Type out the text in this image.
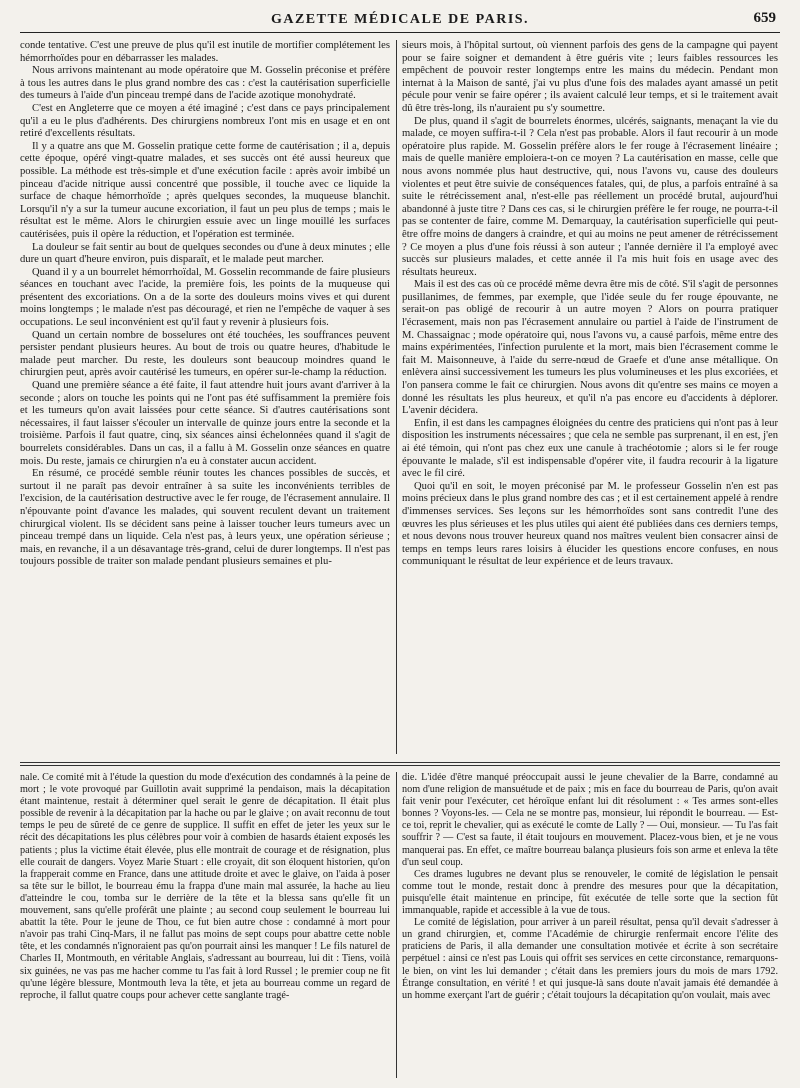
GAZETTE MÉDICALE DE PARIS.	659

conde tentative. C'est une preuve de plus qu'il est inutile de mortifier complétement les hémorrhoïdes pour en débarrasser les malades.

Nous arrivons maintenant au mode opératoire que M. Gosselin préconise et préfère à tous les autres dans le plus grand nombre des cas : c'est la cautérisation superficielle des tumeurs à l'aide d'un pinceau trempé dans de l'acide azotique monohydraté.

C'est en Angleterre que ce moyen a été imaginé ; c'est dans ce pays principalement qu'il a eu le plus d'adhérents. Des chirurgiens nombreux l'ont mis en usage et en ont retiré d'excellents résultats.

Il y a quatre ans que M. Gosselin pratique cette forme de cautérisation ; il a, depuis cette époque, opéré vingt-quatre malades, et ses succès ont été aussi heureux que possible. La méthode est très-simple et d'une exécution facile : après avoir imbibé un pinceau d'acide nitrique aussi concentré que possible, il touche avec ce liquide la surface de chaque hémorrhoïde ; après quelques secondes, la muqueuse blanchit. Lorsqu'il n'y a sur la tumeur aucune excoriation, il faut un peu plus de temps ; mais le résultat est le même. Alors le chirurgien essuie avec un linge mouillé les surfaces cautérisées, puis il opère la réduction, et l'opération est terminée.

La douleur se fait sentir au bout de quelques secondes ou d'une à deux minutes ; elle dure un quart d'heure environ, puis disparaît, et le malade peut marcher.

Quand il y a un bourrelet hémorrhoïdal, M. Gosselin recommande de faire plusieurs séances en touchant avec l'acide, la première fois, les points de la muqueuse qui présentent des excoriations. On a de la sorte des douleurs moins vives et qui durent moins longtemps ; le malade n'est pas découragé, et rien ne l'empêche de vaquer à ses occupations. Le seul inconvénient est qu'il faut y revenir à plusieurs fois.

Quand un certain nombre de bosselures ont été touchées, les souffrances peuvent persister pendant plusieurs heures. Au bout de trois ou quatre heures, d'habitude le malade peut marcher. Du reste, les douleurs sont beaucoup moindres quand le chirurgien peut, après avoir cautérisé les tumeurs, en opérer sur-le-champ la réduction.

Quand une première séance a été faite, il faut attendre huit jours avant d'arriver à la seconde ; alors on touche les points qui ne l'ont pas été suffisamment la première fois et les tumeurs qu'on avait laissées pour cette séance. Si d'autres cautérisations sont nécessaires, il faut laisser s'écouler un intervalle de quinze jours entre la seconde et la troisième. Parfois il faut quatre, cinq, six séances ainsi échelonnées quand il s'agit de bourrelets considérables. Dans un cas, il a fallu à M. Gosselin onze séances en quatre mois. Du reste, jamais ce chirurgien n'a eu à constater aucun accident.

En résumé, ce procédé semble réunir toutes les chances possibles de succès, et surtout il ne paraît pas devoir entraîner à sa suite les inconvénients terribles de l'excision, de la cautérisation destructive avec le fer rouge, de l'écrasement annulaire. Il n'épouvante point d'avance les malades, qui souvent reculent devant un traitement chirurgical violent. Ils se décident sans peine à laisser toucher leurs tumeurs avec un pinceau trempé dans un liquide. Cela n'est pas, à leurs yeux, une opération sérieuse ; mais, en revanche, il a un désavantage très-grand, celui de durer longtemps. Il n'est pas toujours possible de traiter son malade pendant plusieurs semaines et plu-

sieurs mois, à l'hôpital surtout, où viennent parfois des gens de la campagne qui payent pour se faire soigner et demandent à être guéris vite ; leurs faibles ressources les empêchent de pouvoir rester longtemps entre les mains du médecin. Pendant mon internat à la Maison de santé, j'ai vu plus d'une fois des malades ayant amassé un petit pécule pour venir se faire opérer ; ils avaient calculé leur temps, et si le traitement avait dû être très-long, ils n'auraient pu s'y soumettre.

De plus, quand il s'agit de bourrelets énormes, ulcérés, saignants, menaçant la vie du malade, ce moyen suffira-t-il ? Cela n'est pas probable. Alors il faut recourir à un mode opératoire plus rapide. M. Gosselin préfère alors le fer rouge à l'écrasement linéaire ; mais de quelle manière emploiera-t-on ce moyen ? La cautérisation en masse, celle que nous avons nommée plus haut destructive, qui, nous l'avons vu, cause des douleurs violentes et peut être suivie de conséquences fatales, qui, de plus, a parfois entraîné à sa suite le rétrécissement anal, n'est-elle pas réellement un procédé brutal, aujourd'hui abandonné à juste titre ? Dans ces cas, si le chirurgien préfère le fer rouge, ne pourra-t-il pas se contenter de faire, comme M. Demarquay, la cautérisation superficielle qui peut-être offre moins de dangers à craindre, et qui au moins ne peut amener de rétrécissement ? Ce moyen a plus d'une fois réussi à son auteur ; l'année dernière il l'a employé avec succès sur plusieurs malades, et cette année il l'a mis huit fois en usage avec des résultats heureux.

Mais il est des cas où ce procédé même devra être mis de côté. S'il s'agit de personnes pusillanimes, de femmes, par exemple, que l'idée seule du fer rouge épouvante, ne serait-on pas obligé de recourir à un autre moyen ? Alors on pourra pratiquer l'écrasement, mais non pas l'écrasement annulaire ou partiel à l'aide de l'instrument de M. Chassaignac ; mode opératoire qui, nous l'avons vu, a causé parfois, même entre des mains expérimentées, l'infection purulente et la mort, mais bien l'écrasement comme le fait M. Maisonneuve, à l'aide du serre-nœud de Graefe et d'une anse métallique. On enlèvera ainsi successivement les tumeurs les plus volumineuses et les plus excoriées, et l'on pansera comme le fait ce chirurgien. Nous avons dit qu'entre ses mains ce moyen a donné les résultats les plus heureux, et qu'il n'a pas encore eu d'accidents à déplorer. L'avenir décidera.

Enfin, il est dans les campagnes éloignées du centre des praticiens qui n'ont pas à leur disposition les instruments nécessaires ; que cela ne semble pas surprenant, il en est, j'en ai été témoin, qui n'ont pas chez eux une canule à trachéotomie ; alors si le fer rouge épouvante le malade, s'il est indispensable d'opérer vite, il faudra recourir à la ligature avec le fil ciré.

Quoi qu'il en soit, le moyen préconisé par M. le professeur Gosselin n'en est pas moins précieux dans le plus grand nombre des cas ; et il est certainement appelé à rendre d'immenses services. Ses leçons sur les hémorrhoïdes sont sans contredit l'une des œuvres les plus sérieuses et les plus utiles qui aient été publiées dans ces derniers temps, et nous devons nous trouver heureux quand nos maîtres veulent bien consacrer ainsi de temps en temps leurs rares loisirs à élucider les questions encore confuses, en nous communiquant le résultat de leur expérience et de leurs travaux.

nale. Ce comité mit à l'étude la question du mode d'exécution des condamnés à la peine de mort ; le vote provoqué par Guillotin avait supprimé la pendaison, mais la décapitation étant maintenue, restait à déterminer quel serait le genre de décapitation. Il était plus possible de revenir à la décapitation par la hache ou par le glaive ; on avait reconnu de tout temps le peu de sûreté de ce genre de supplice. Il suffit en effet de jeter les yeux sur le récit des décapitations les plus célèbres pour voir à combien de hasards étaient exposés les patients ; plus la victime était élevée, plus elle montrait de courage et de résignation, plus elle courait de dangers. Voyez Marie Stuart : elle croyait, dit son éloquent historien, qu'on la frapperait comme en France, dans une attitude droite et avec le glaive, on l'aida à poser sa tête sur le billot, le bourreau ému la frappa d'une main mal assurée, la hache au lieu d'atteindre le cou, tomba sur le derrière de la tête et la blessa sans qu'elle fit un mouvement, sans qu'elle proférât une plainte ; au second coup seulement le bourreau lui abattit la tête. Pour le jeune de Thou, ce fut bien autre chose : condamné à mort pour n'avoir pas trahi Cinq-Mars, il ne fallut pas moins de sept coups pour abattre cette noble tête, et les condamnés n'ignoraient pas qu'on pourrait ainsi les manquer ! Le fils naturel de Charles II, Montmouth, en véritable Anglais, s'adressant au bourreau, lui dit : Tiens, voilà six guinées, ne vas pas me hacher comme tu l'as fait à lord Russel ; le premier coup ne fit qu'une légère blessure, Montmouth leva la tête, et jeta au bourreau comme un regard de reproche, il fallut quatre coups pour achever cette sanglante tragé-

die. L'idée d'être manqué préoccupait aussi le jeune chevalier de la Barre, condamné au nom d'une religion de mansuétude et de paix ; mis en face du bourreau de Paris, qu'on avait fait venir pour l'exécuter, cet héroïque enfant lui dit résolument : « Tes armes sont-elles bonnes ? Voyons-les. — Cela ne se montre pas, monsieur, lui répondit le bourreau. — Est-ce toi, reprit le chevalier, qui as exécuté le comte de Lally ? — Oui, monsieur. — Tu l'as fait souffrir ? — C'est sa faute, il était toujours en mouvement. Placez-vous bien, et je ne vous manquerai pas. En effet, ce maître bourreau balança plusieurs fois son arme et enleva la tête d'un seul coup.

Ces drames lugubres ne devant plus se renouveler, le comité de législation le pensait comme tout le monde, restait donc à prendre des mesures pour que la décapitation, puisqu'elle était maintenue en principe, fût exécutée de telle sorte que la section fût immanquable, rapide et accessible à la vue de tous.

Le comité de législation, pour arriver à un pareil résultat, pensa qu'il devait s'adresser à un grand chirurgien, et, comme l'Académie de chirurgie renfermait encore l'élite des praticiens de Paris, il alla demander une consultation motivée et écrite à son secrétaire perpétuel : ainsi ce n'est pas Louis qui offrit ses services en cette circonstance, remarquons-le bien, on vint les lui demander ; c'était dans les premiers jours du mois de mars 1792. Étrange consultation, en vérité ! et qui jusque-là sans doute n'avait jamais été demandée à un homme exerçant l'art de guérir ; c'était toujours la décapitation qu'on voulait, mais avec
